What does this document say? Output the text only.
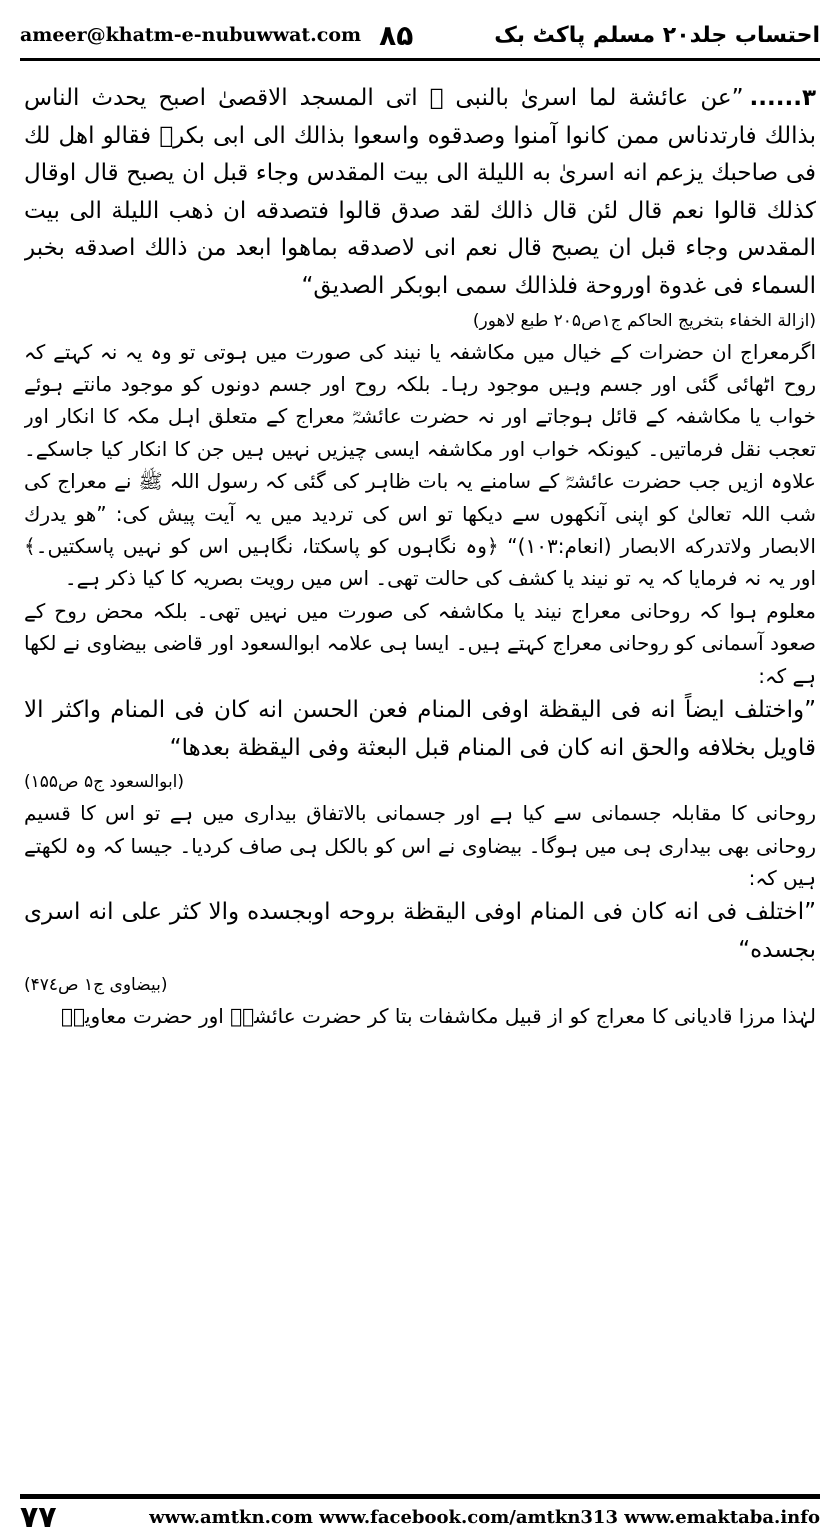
ameer@khatm-e-nubuwwat.com ۸۵	احتساب جلد۲۰ مسلم پاکٹ بک

۳......”عن عائشة لما اسریٰ بالنبی ﷺ اتی المسجد الاقصیٰ اصبح یحدث الناس بذالك فارتدناس ممن كانوا آمنوا وصدقوه واسعوا بذالك الی ابی بكرؓ فقالو اهل لك فی صاحبك یزعم انه اسریٰ به اللیلة الی بیت المقدس وجاء قبل ان یصبح قال اوقال كذلك قالوا نعم قال لئن قال ذالك لقد صدق قالوا فتصدقه ان ذهب اللیلة الی بیت المقدس وجاء قبل ان یصبح قال نعم انی لاصدقه بماهوا ابعد من ذالك اصدقه بخبر السماء فی غدوة اوروحة فلذالك سمی ابوبكر الصدیق“

(ازالة الخفاء بتخریج الحاكم ج۱ص۲۰۵ طبع لاهور)

اگرمعراج ان حضرات کے خیال میں مکاشفہ یا نیند کی صورت میں ہوتی تو وہ یہ نہ کہتے کہ روح اٹھائی گئی اور جسم وہیں موجود رہا۔ بلکہ روح اور جسم دونوں کو موجود مانتے ہوئے خواب یا مکاشفہ کے قائل ہوجاتے اور نہ حضرت عائشہؓ معراج کے متعلق اہل مکہ کا انکار اور تعجب نقل فرماتیں۔ کیونکہ خواب اور مکاشفہ ایسی چیزیں نہیں ہیں جن کا انکار کیا جاسکے۔ علاوہ ازیں جب حضرت عائشہؓ کے سامنے یہ بات ظاہر کی گئی کہ رسول اللہ ﷺ نے معراج کی شب اللہ تعالیٰ کو اپنی آنکھوں سے دیکھا تو اس کی تردید میں یہ آیت پیش کی: ”هو یدرك الابصار ولاتدركه الابصار (انعام:۱۰۳)“ ﴿وہ نگاہوں کو پاسکتا، نگاہیں اس کو نہیں پاسکتیں۔﴾ اور یہ نہ فرمایا کہ یہ تو نیند یا کشف کی حالت تھی۔ اس میں رویت بصریہ کا کیا ذکر ہے۔

معلوم ہوا کہ روحانی معراج نیند یا مکاشفہ کی صورت میں نہیں تھی۔ بلکہ محض روح کے صعود آسمانی کو روحانی معراج کہتے ہیں۔ ایسا ہی علامہ ابوالسعود اور قاضی بیضاوی نے لکھا ہے کہ:

”واختلف ایضاً انه فی الیقظة اوفی المنام فعن الحسن انه كان فی المنام واكثر الا قاویل بخلافه والحق انه كان فی المنام قبل البعثة وفی الیقظة بعدها“

(ابوالسعود ج۵ ص۱۵۵)

روحانی کا مقابلہ جسمانی سے کیا ہے اور جسمانی بالاتفاق بیداری میں ہے تو اس کا قسیم روحانی بھی بیداری ہی میں ہوگا۔ بیضاوی نے اس کو بالکل ہی صاف کردیا۔ جیسا کہ وہ لکھتے ہیں کہ:

”اختلف فی انه كان فی المنام اوفی الیقظة بروحه اوبجسده والا كثر علی انه اسری بجسده“

(بیضاوی ج۱ ص۴۷٤)

لہٰذا مرزا قادیانی کا معراج کو از قبیل مکاشفات بتا کر حضرت عائشہؓ اور حضرت معاویہؓ

۷۷	www.amtkn.com www.facebook.com/amtkn313 www.emaktaba.info
